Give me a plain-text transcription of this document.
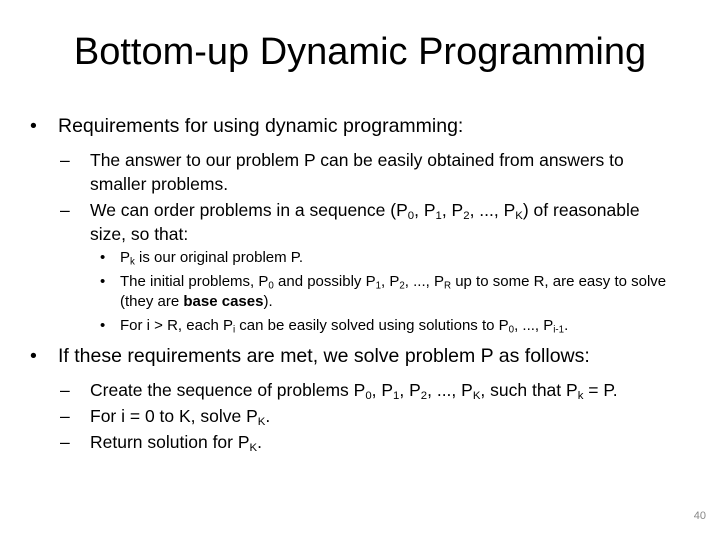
Bottom-up Dynamic Programming
• Requirements for using dynamic programming:
– The answer to our problem P can be easily obtained from answers to smaller problems.
– We can order problems in a sequence ($P_0$, $P_1$, $P_2$, ..., $P_K$) of reasonable size, so that:
• $P_k$ is our original problem P.
• The initial problems, $P_0$ and possibly $P_1$, $P_2$, ..., $P_R$ up to some R, are easy to solve (they are base cases).
• For i > R, each $P_i$ can be easily solved using solutions to $P_0$, ..., $P_{i-1}$.
• If these requirements are met, we solve problem P as follows:
– Create the sequence of problems $P_0$, $P_1$, $P_2$, ..., $P_K$, such that $P_k = P$.
– For i = 0 to K, solve $P_K$.
– Return solution for $P_K$.
40
